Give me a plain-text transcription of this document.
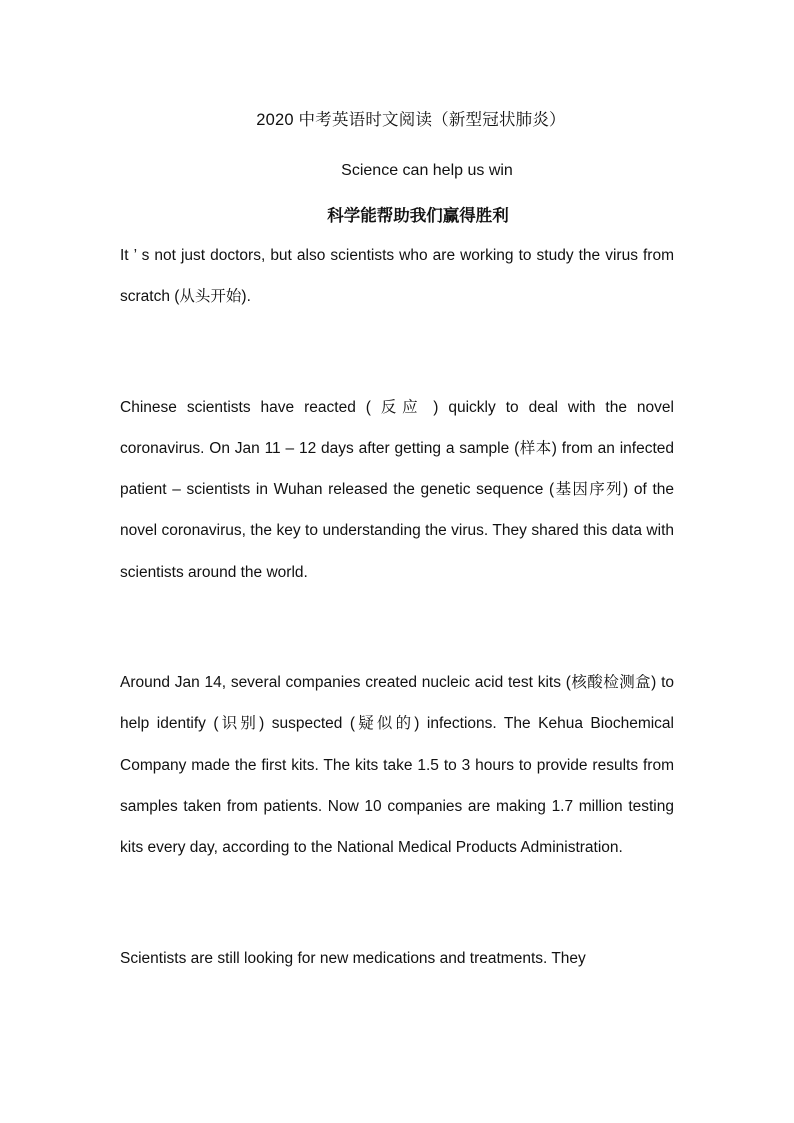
2020 中考英语时文阅读（新型冠状肺炎）
Science can help us win
科学能帮助我们赢得胜利

It ’ s not just doctors, but also scientists who are working to study the virus from scratch (从头开始).

Chinese scientists have reacted ( 反应 ) quickly to deal with the novel coronavirus. On Jan 11 – 12 days after getting a sample (样本) from an infected patient – scientists in Wuhan released the genetic sequence (基因序列) of the novel coronavirus, the key to understanding the virus. They shared this data with scientists around the world.

Around Jan 14, several companies created nucleic acid test kits (核酸检测盒) to help identify (识别) suspected (疑似的) infections. The Kehua Biochemical Company made the first kits. The kits take 1.5 to 3 hours to provide results from samples taken from patients. Now 10 companies are making 1.7 million testing kits every day, according to the National Medical Products Administration.

Scientists are still looking for new medications and treatments. They
